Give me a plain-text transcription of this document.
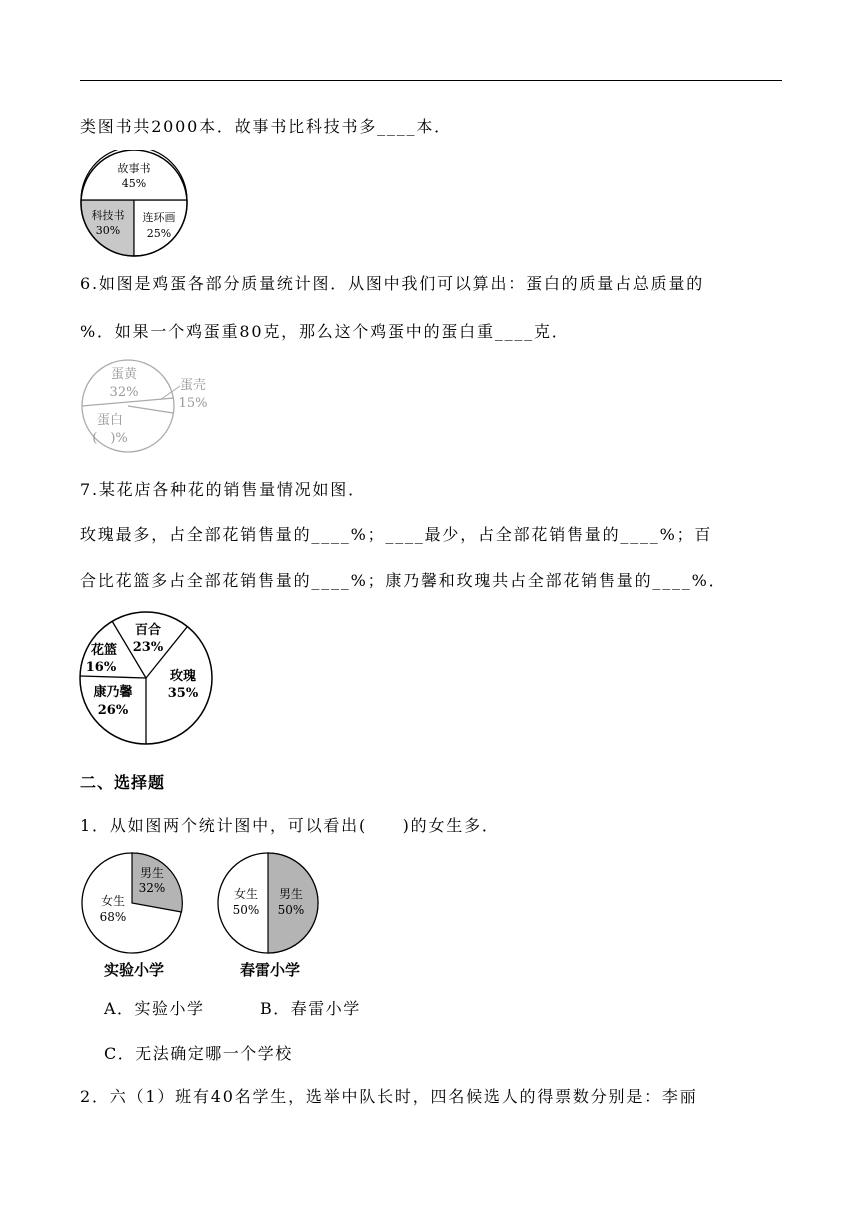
类图书共2000本．故事书比科技书多____本．
故事书
45%
科技书
30%
连环画
25%
6.如图是鸡蛋各部分质量统计图．从图中我们可以算出：蛋白的质量占总质量的
%．如果一个鸡蛋重80克，那么这个鸡蛋中的蛋白重____克．
蛋黄
32%	蛋壳
15%
蛋白
(　)%
7.某花店各种花的销售量情况如图．
玫瑰最多，占全部花销售量的____%；____最少，占全部花销售量的____%；百
合比花篮多占全部花销售量的____%；康乃馨和玫瑰共占全部花销售量的____%．
百合
23%
玫瑰
35%
康乃馨
26%
花篮
16%
二、选择题
1．从如图两个统计图中，可以看出(　　)的女生多．
男生
32%
女生
68%
实验小学
男生
50%
女生
50%
春雷小学
A．实验小学	B．春雷小学
C．无法确定哪一个学校
2．六（1）班有40名学生，选举中队长时，四名候选人的得票数分别是：李丽
